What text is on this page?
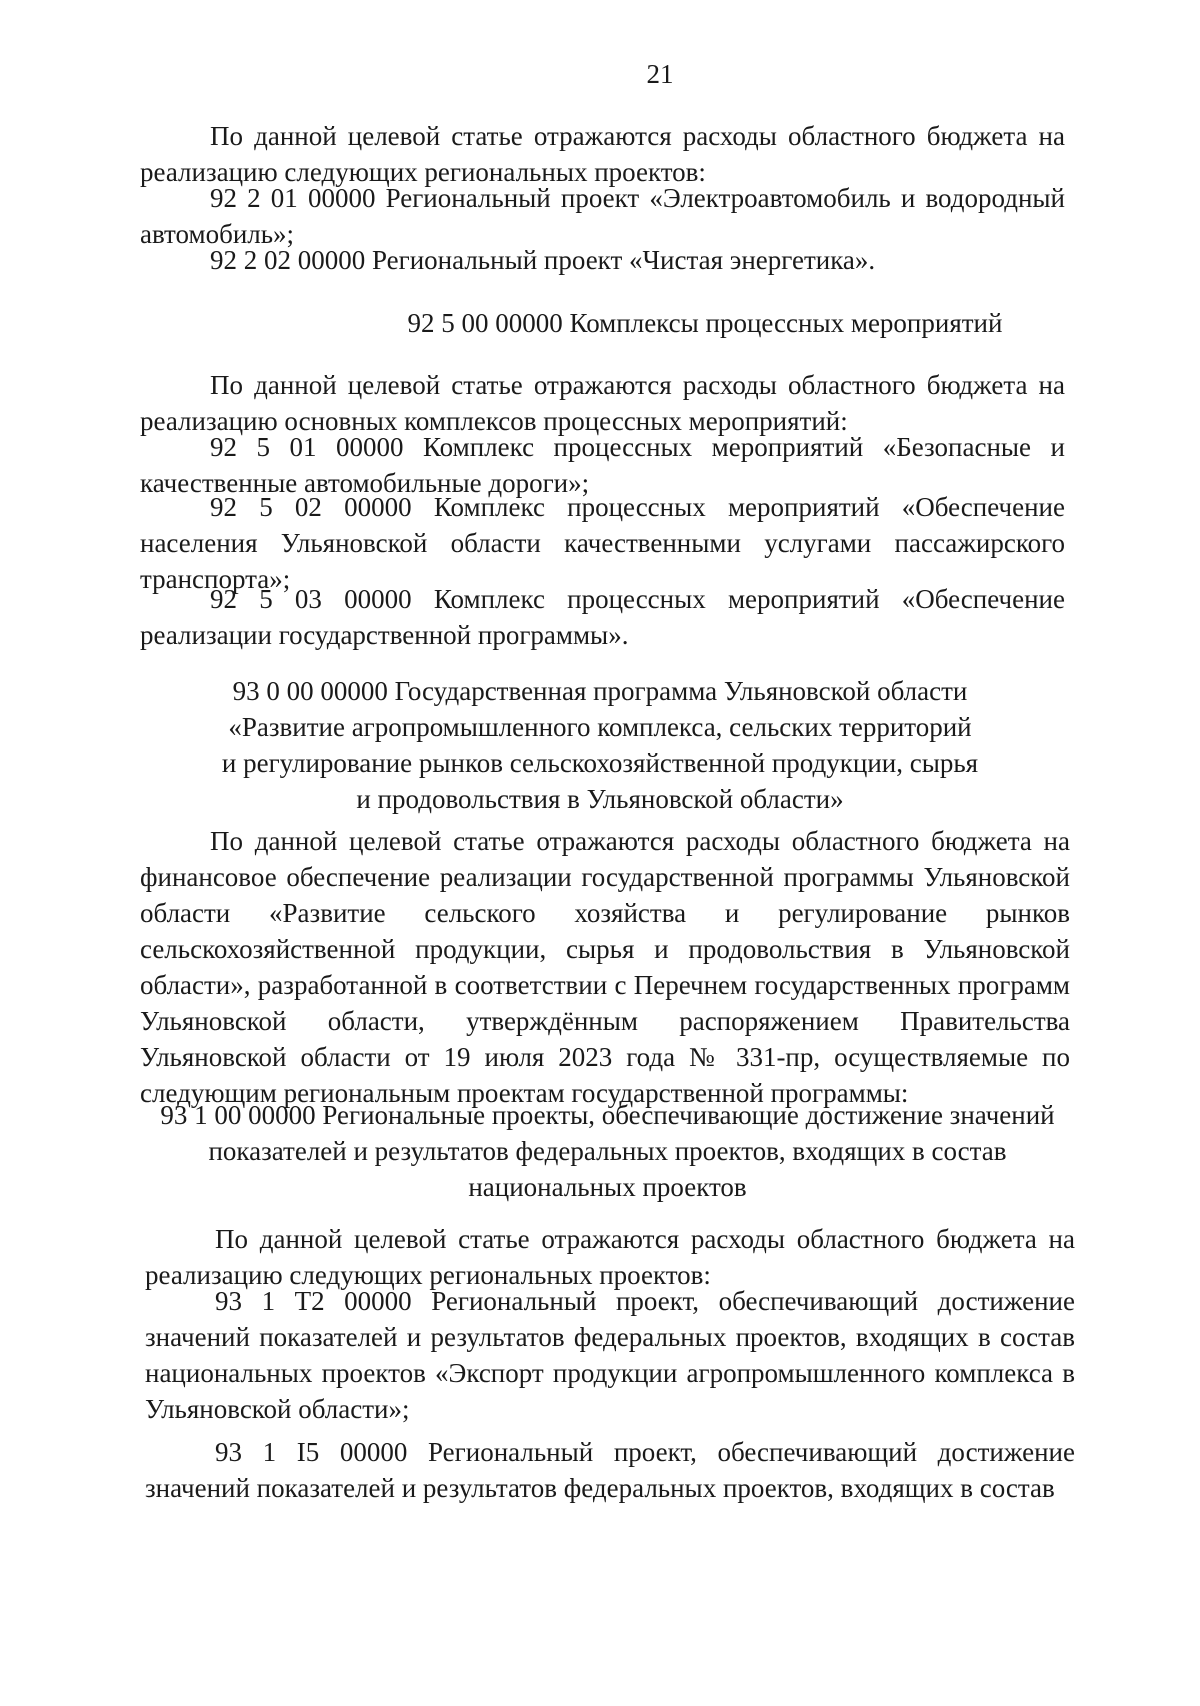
21

По данной целевой статье отражаются расходы областного бюджета на реализацию следующих региональных проектов:

92 2 01 00000 Региональный проект «Электроавтомобиль и водородный автомобиль»;

92 2 02 00000 Региональный проект «Чистая энергетика».

92 5 00 00000 Комплексы процессных мероприятий

По данной целевой статье отражаются расходы областного бюджета на реализацию основных комплексов процессных мероприятий:

92 5 01 00000 Комплекс процессных мероприятий «Безопасные и качественные автомобильные дороги»;

92 5 02 00000 Комплекс процессных мероприятий «Обеспечение населения Ульяновской области качественными услугами пассажирского транспорта»;

92 5 03 00000 Комплекс процессных мероприятий «Обеспечение реализации государственной программы».

93 0 00 00000 Государственная программа Ульяновской области
«Развитие агропромышленного комплекса, сельских территорий
и регулирование рынков сельскохозяйственной продукции, сырья
и продовольствия в Ульяновской области»

По данной целевой статье отражаются расходы областного бюджета на финансовое обеспечение реализации государственной программы Ульяновской области «Развитие сельского хозяйства и регулирование рынков сельскохозяйственной продукции, сырья и продовольствия в Ульяновской области», разработанной в соответствии с Перечнем государственных программ Ульяновской области, утверждённым распоряжением Правительства Ульяновской области от 19 июля 2023 года № 331-пр, осуществляемые по следующим региональным проектам государственной программы:

93 1 00 00000 Региональные проекты, обеспечивающие достижение значений
показателей и результатов федеральных проектов, входящих в состав
национальных проектов

По данной целевой статье отражаются расходы областного бюджета на реализацию следующих региональных проектов:

93 1 Т2 00000 Региональный проект, обеспечивающий достижение значений показателей и результатов федеральных проектов, входящих в состав национальных проектов «Экспорт продукции агропромышленного комплекса в Ульяновской области»;

93 1 I5 00000 Региональный проект, обеспечивающий достижение значений показателей и результатов федеральных проектов, входящих в состав
